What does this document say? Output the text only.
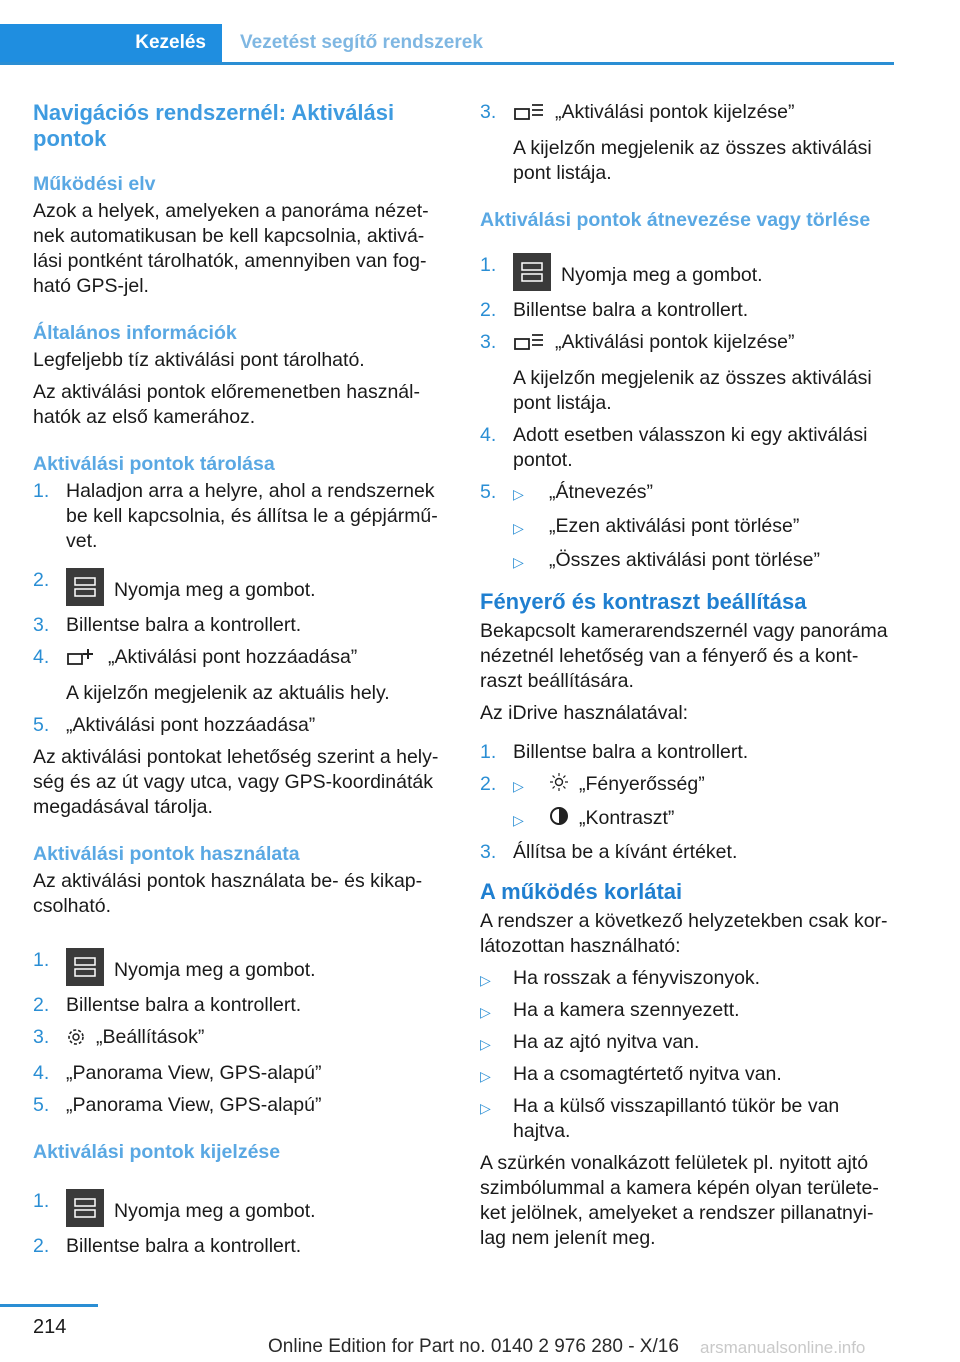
Kezelés	Vezetést segítő rendszerek
Navigációs rendszernél: Aktiválási pontok
Működési elv

Azok a helyek, amelyeken a panoráma nézet-nek automatikusan be kell kapcsolnia, aktivá-lási pontként tárolhatók, amennyiben van fog-ható GPS-jel.

Általános információk

Legfeljebb tíz aktiválási pont tárolható.

Az aktiválási pontok előremenetben használ-hatók az első kamerához.

Aktiválási pontok tárolása
1. Haladjon arra a helyre, ahol a rendszernek be kell kapcsolnia, és állítsa le a gépjármű-vet.
2.	Nyomja meg a gombot.
3. Billentse balra a kontrollert.
4.	„Aktiválási pont hozzáadása”
A kijelzőn megjelenik az aktuális hely.
5. „Aktiválási pont hozzáadása”

Az aktiválási pontokat lehetőség szerint a hely-ség és az út vagy utca, vagy GPS-koordináták megadásával tárolja.

Aktiválási pontok használata

Az aktiválási pontok használata be- és kikap-csolható.

1.	Nyomja meg a gombot.
2. Billentse balra a kontrollert.
3. „Beállítások”
4. „Panorama View, GPS-alapú”
5. „Panorama View, GPS-alapú”
Aktiválási pontok kijelzése
1.	Nyomja meg a gombot.
2. Billentse balra a kontrollert.
3.	„Aktiválási pontok kijelzése”
A kijelzőn megjelenik az összes aktiválási pont listája.
Aktiválási pontok átnevezése vagy törlése
1.	Nyomja meg a gombot.
2. Billentse balra a kontrollert.
3.	„Aktiválási pontok kijelzése”
A kijelzőn megjelenik az összes aktiválási pont listája.
4. Adott esetben válasszon ki egy aktiválási pontot.
5. ▷	„Átnevezés”
▷	„Ezen aktiválási pont törlése”
▷	„Összes aktiválási pont törlése”
Fényerő és kontraszt beállítása

Bekapcsolt kamerarendszernél vagy panoráma nézetnél lehetőség van a fényerő és a kont-raszt beállítására.

Az iDrive használatával:

1. Billentse balra a kontrollert.
2. ▷	„Fényerősség”
▷	„Kontraszt”
3. Állítsa be a kívánt értéket.
A működés korlátai

A rendszer a következő helyzetekben csak kor-látozottan használható:

▷	Ha rosszak a fényviszonyok.
▷	Ha a kamera szennyezett.
▷	Ha az ajtó nyitva van.
▷	Ha a csomagtértető nyitva van.
▷	Ha a külső visszapillantó tükör be van hajtva.

A szürkén vonalkázott felületek pl. nyitott ajtó szimbólummal a kamera képén olyan területe-ket jelölnek, amelyeket a rendszer pillanatnyi-lag nem jelenít meg.

214
Online Edition for Part no. 0140 2 976 280 - X/16 arsmanualsonline.info
